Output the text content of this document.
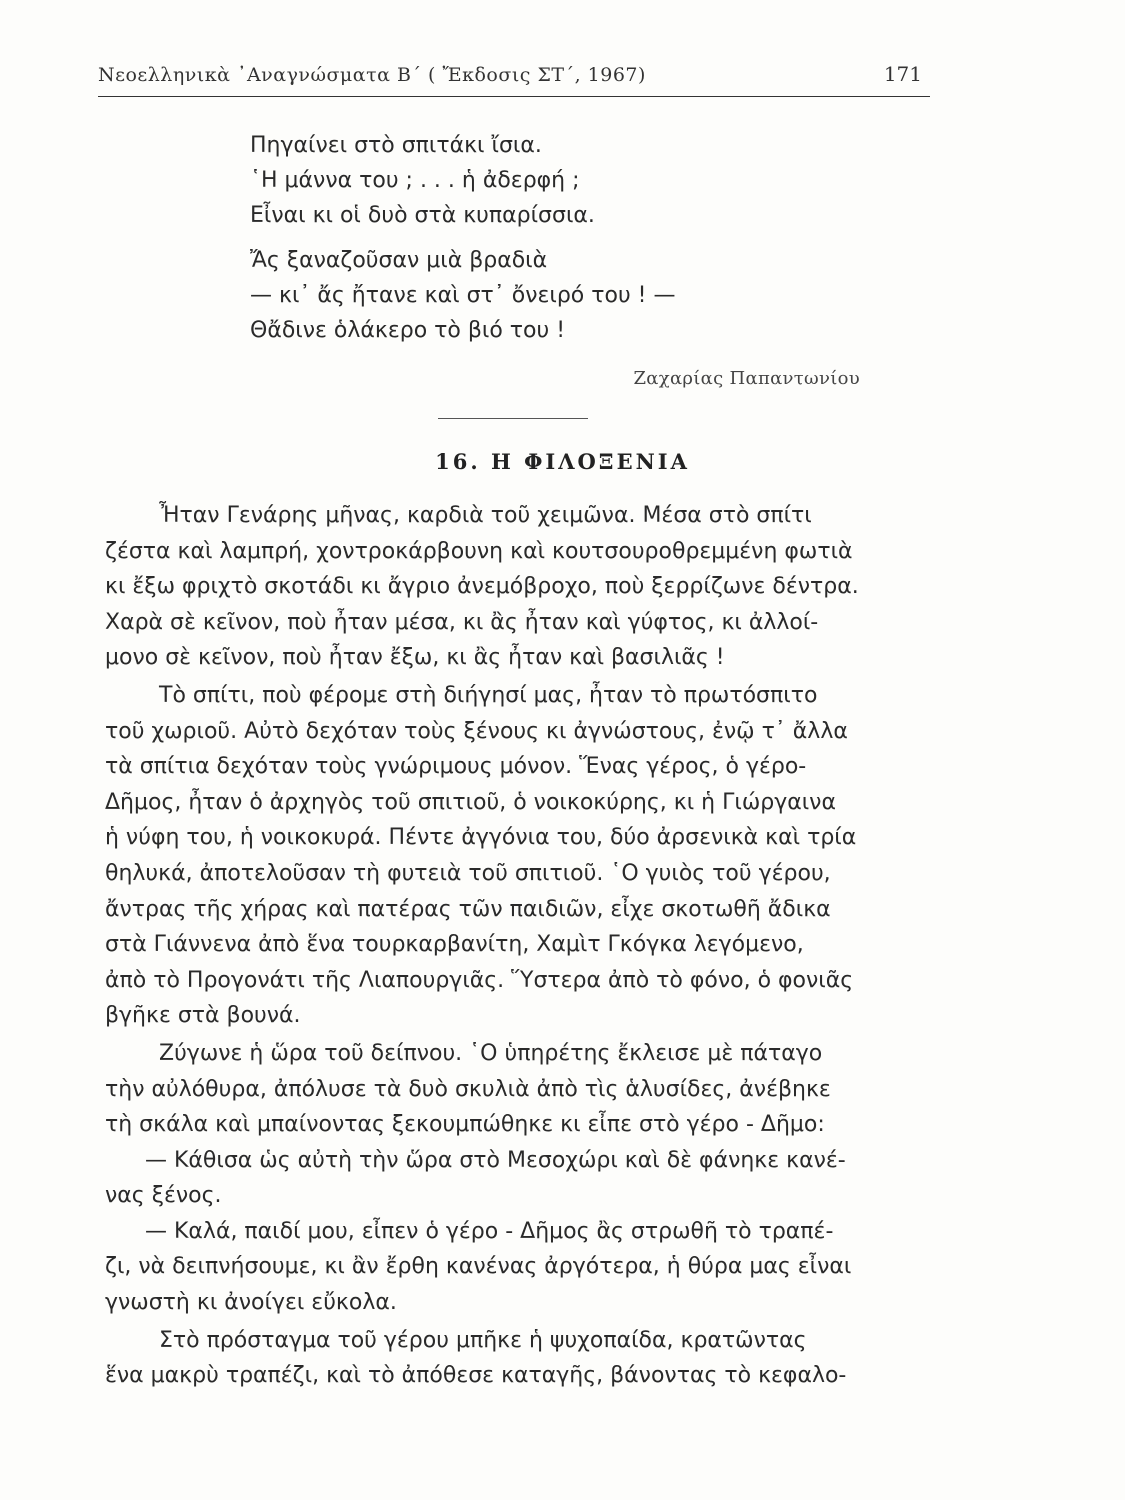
Νεοελληνικὰ ᾿Αναγνώσματα Β΄ ( Ἔκδοσις ΣΤ΄, 1967)	171
Πηγαίνει στὸ σπιτάκι ἴσια.
῾Η μάννα του ; . . . ἡ ἀδερφή ;
Εἶναι κι οἱ δυὸ στὰ κυπαρίσσια.
Ἄς ξαναζοῦσαν μιὰ βραδιὰ
— κι᾿ ἄς ἤτανε καὶ στ᾿ ὄνειρό του ! —
Θἄδινε ὁλάκερο τὸ βιό του !
Ζαχαρίας Παπαντωνίου
16. Η ΦΙΛΟΞΕΝΙΑ
Ἦταν Γενάρης μῆνας, καρδιὰ τοῦ χειμῶνα. Μέσα στὸ σπίτι
ζέστα καὶ λαμπρή, χοντροκάρβουνη καὶ κουτσουροθρεμμένη φωτιὰ
κι ἔξω φριχτὸ σκοτάδι κι ἄγριο ἀνεμόβροχο, ποὺ ξερρίζωνε δέντρα.
Χαρὰ σὲ κεῖνον, ποὺ ἦταν μέσα, κι ἂς ἦταν καὶ γύφτος, κι ἀλλοί-
μονο σὲ κεῖνον, ποὺ ἦταν ἔξω, κι ἂς ἦταν καὶ βασιλιᾶς !
Τὸ σπίτι, ποὺ φέρομε στὴ διήγησί μας, ἦταν τὸ πρωτόσπιτο
τοῦ χωριοῦ. Αὐτὸ δεχόταν τοὺς ξένους κι ἀγνώστους, ἐνῷ τ᾿ ἄλλα
τὰ σπίτια δεχόταν τοὺς γνώριμους μόνον. Ἕνας γέρος, ὁ γέρο-
Δῆμος, ἦταν ὁ ἀρχηγὸς τοῦ σπιτιοῦ, ὁ νοικοκύρης, κι ἡ Γιώργαινα
ἡ νύφη του, ἡ νοικοκυρά. Πέντε ἀγγόνια του, δύο ἀρσενικὰ καὶ τρία
θηλυκά, ἀποτελοῦσαν τὴ φυτειὰ τοῦ σπιτιοῦ. ῾Ο γυιὸς τοῦ γέρου,
ἄντρας τῆς χήρας καὶ πατέρας τῶν παιδιῶν, εἶχε σκοτωθῆ ἄδικα
στὰ Γιάννενα ἀπὸ ἕνα τουρκαρβανίτη, Χαμὶτ Γκόγκα λεγόμενο,
ἀπὸ τὸ Προγονάτι τῆς Λιαπουργιᾶς. Ὕστερα ἀπὸ τὸ φόνο, ὁ φονιᾶς
βγῆκε στὰ βουνά.
Ζύγωνε ἡ ὥρα τοῦ δείπνου. ῾Ο ὑπηρέτης ἔκλεισε μὲ πάταγο
τὴν αὐλόθυρα, ἀπόλυσε τὰ δυὸ σκυλιὰ ἀπὸ τὶς ἁλυσίδες, ἀνέβηκε
τὴ σκάλα καὶ μπαίνοντας ξεκουμπώθηκε κι εἶπε στὸ γέρο - Δῆμο:
— Κάθισα ὡς αὐτὴ τὴν ὥρα στὸ Μεσοχώρι καὶ δὲ φάνηκε κανέ-
νας ξένος.
— Καλά, παιδί μου, εἶπεν ὁ γέρο - Δῆμος ἂς στρωθῆ τὸ τραπέ-
ζι, νὰ δειπνήσουμε, κι ἂν ἔρθη κανένας ἀργότερα, ἡ θύρα μας εἶναι
γνωστὴ κι ἀνοίγει εὔκολα.
Στὸ πρόσταγμα τοῦ γέρου μπῆκε ἡ ψυχοπαίδα, κρατῶντας
ἕνα μακρὺ τραπέζι, καὶ τὸ ἀπόθεσε καταγῆς, βάνοντας τὸ κεφαλο-
